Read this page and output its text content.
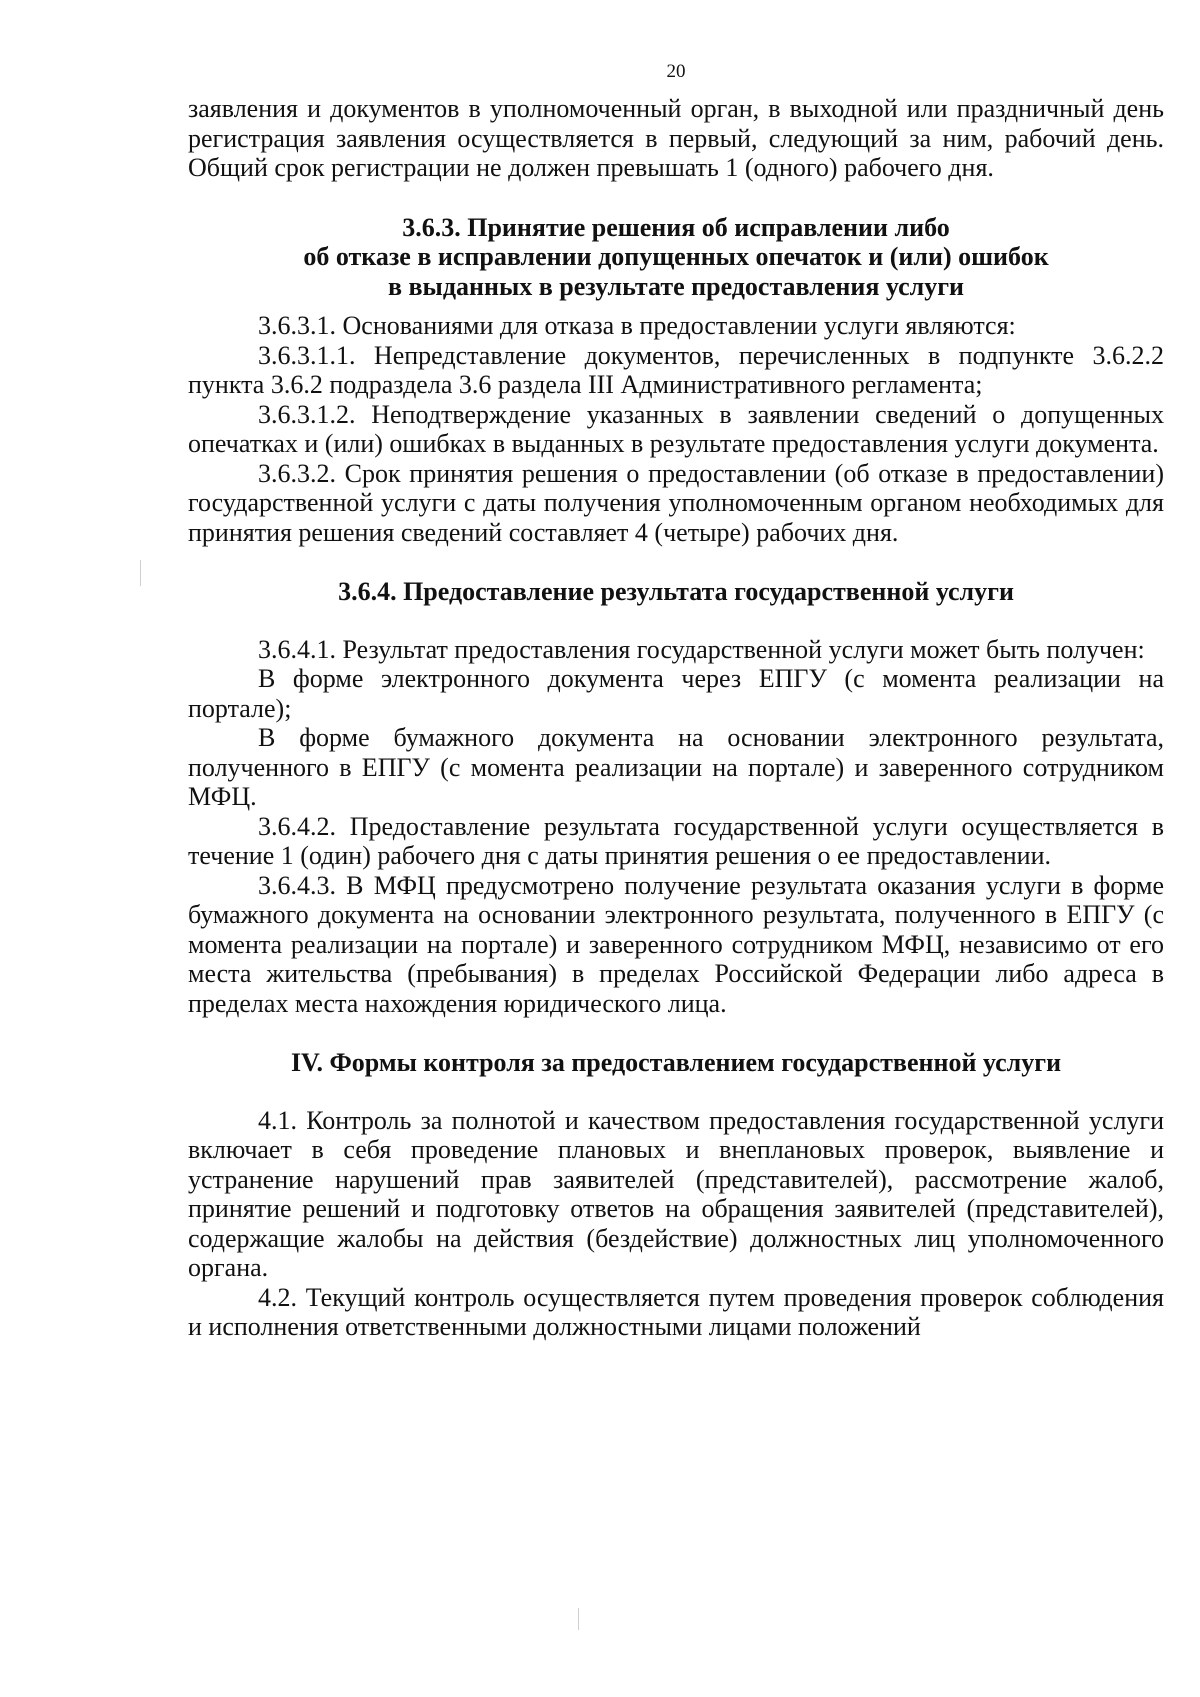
20

заявления и документов в уполномоченный орган, в выходной или праздничный день регистрация заявления осуществляется в первый, следующий за ним, рабочий день. Общий срок регистрации не должен превышать 1 (одного) рабочего дня.

3.6.3. Принятие решения об исправлении либо
об отказе в исправлении допущенных опечаток и (или) ошибок
в выданных в результате предоставления услуги

3.6.3.1. Основаниями для отказа в предоставлении услуги являются:

3.6.3.1.1. Непредставление документов, перечисленных в подпункте 3.6.2.2 пункта 3.6.2 подраздела 3.6 раздела III Административного регламента;

3.6.3.1.2. Неподтверждение указанных в заявлении сведений о допущенных опечатках и (или) ошибках в выданных в результате предоставления услуги документа.

3.6.3.2. Срок принятия решения о предоставлении (об отказе в предоставлении) государственной услуги с даты получения уполномоченным органом необходимых для принятия решения сведений составляет 4 (четыре) рабочих дня.

3.6.4. Предоставление результата государственной услуги

3.6.4.1. Результат предоставления государственной услуги может быть получен:

В форме электронного документа через ЕПГУ (с момента реализации на портале);

В форме бумажного документа на основании электронного результата, полученного в ЕПГУ (с момента реализации на портале) и заверенного сотрудником МФЦ.

3.6.4.2. Предоставление результата государственной услуги осуществляется в течение 1 (один) рабочего дня с даты принятия решения о ее предоставлении.

3.6.4.3. В МФЦ предусмотрено получение результата оказания услуги в форме бумажного документа на основании электронного результата, полученного в ЕПГУ (с момента реализации на портале) и заверенного сотрудником МФЦ, независимо от его места жительства (пребывания) в пределах Российской Федерации либо адреса в пределах места нахождения юридического лица.

IV. Формы контроля за предоставлением государственной услуги

4.1. Контроль за полнотой и качеством предоставления государственной услуги включает в себя проведение плановых и внеплановых проверок, выявление и устранение нарушений прав заявителей (представителей), рассмотрение жалоб, принятие решений и подготовку ответов на обращения заявителей (представителей), содержащие жалобы на действия (бездействие) должностных лиц уполномоченного органа.

4.2. Текущий контроль осуществляется путем проведения проверок соблюдения и исполнения ответственными должностными лицами положений
